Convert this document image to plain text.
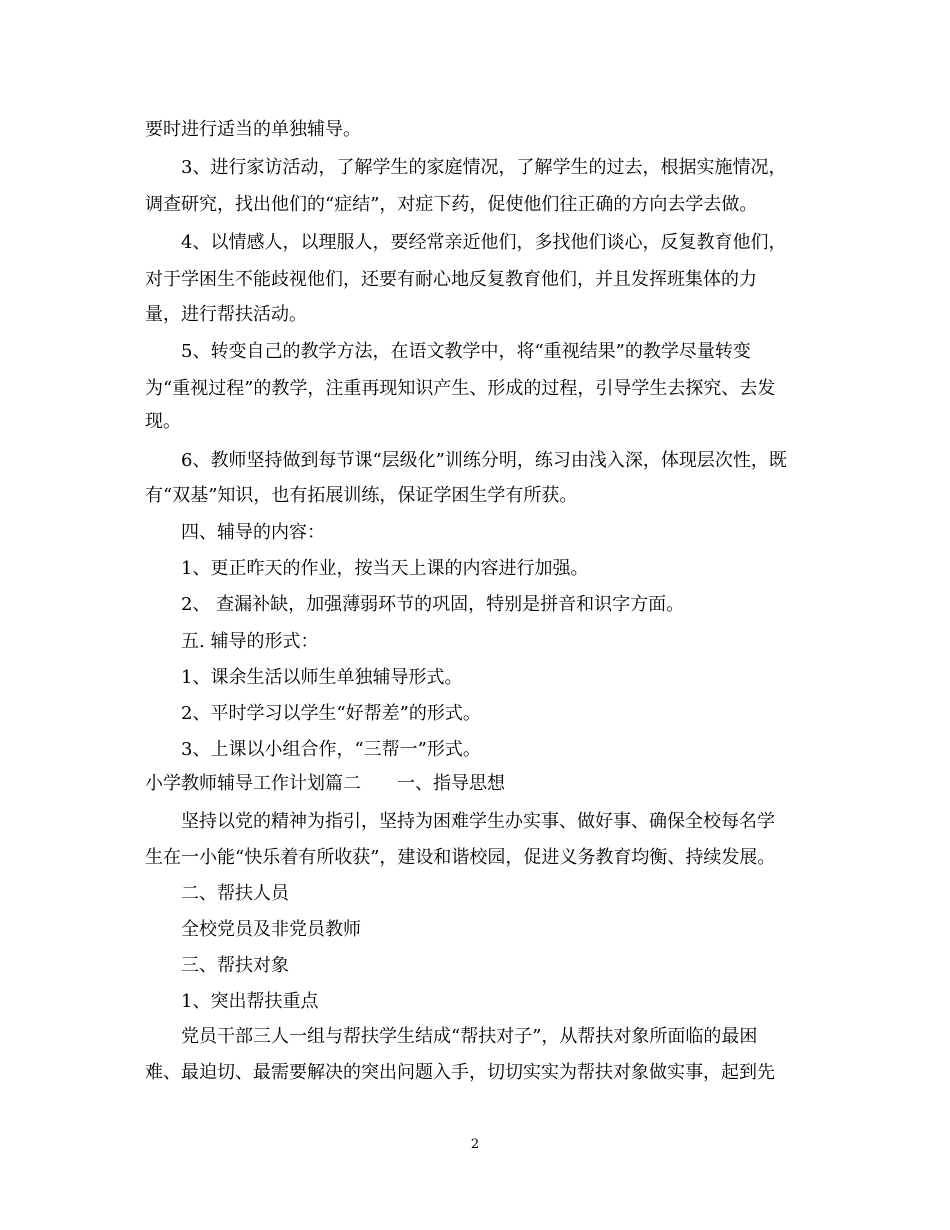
要时进行适当的单独辅导。
3、进行家访活动，了解学生的家庭情况，了解学生的过去，根据实施情况，
调查研究，找出他们的“症结”，对症下药，促使他们往正确的方向去学去做。
4、以情感人，以理服人，要经常亲近他们，多找他们谈心，反复教育他们，
对于学困生不能歧视他们，还要有耐心地反复教育他们，并且发挥班集体的力
量，进行帮扶活动。
5、转变自己的教学方法，在语文教学中，将“重视结果”的教学尽量转变
为“重视过程”的教学，注重再现知识产生、形成的过程，引导学生去探究、去发
现。
6、教师坚持做到每节课“层级化”训练分明，练习由浅入深，体现层次性，既
有“双基”知识，也有拓展训练，保证学困生学有所获。
四、辅导的内容：
1、更正昨天的作业，按当天上课的内容进行加强。
2、 查漏补缺，加强薄弱环节的巩固，特别是拼音和识字方面。
五. 辅导的形式：
1、课余生活以师生单独辅导形式。
2、平时学习以学生“好帮差”的形式。
3、上课以小组合作，“三帮一”形式。
小学教师辅导工作计划篇二　　一、指导思想
坚持以党的精神为指引，坚持为困难学生办实事、做好事、确保全校每名学
生在一小能“快乐着有所收获”，建设和谐校园，促进义务教育均衡、持续发展。
二、帮扶人员
全校党员及非党员教师
三、帮扶对象
1、突出帮扶重点
党员干部三人一组与帮扶学生结成“帮扶对子”，从帮扶对象所面临的最困
难、最迫切、最需要解决的突出问题入手，切切实实为帮扶对象做实事，起到先
2
